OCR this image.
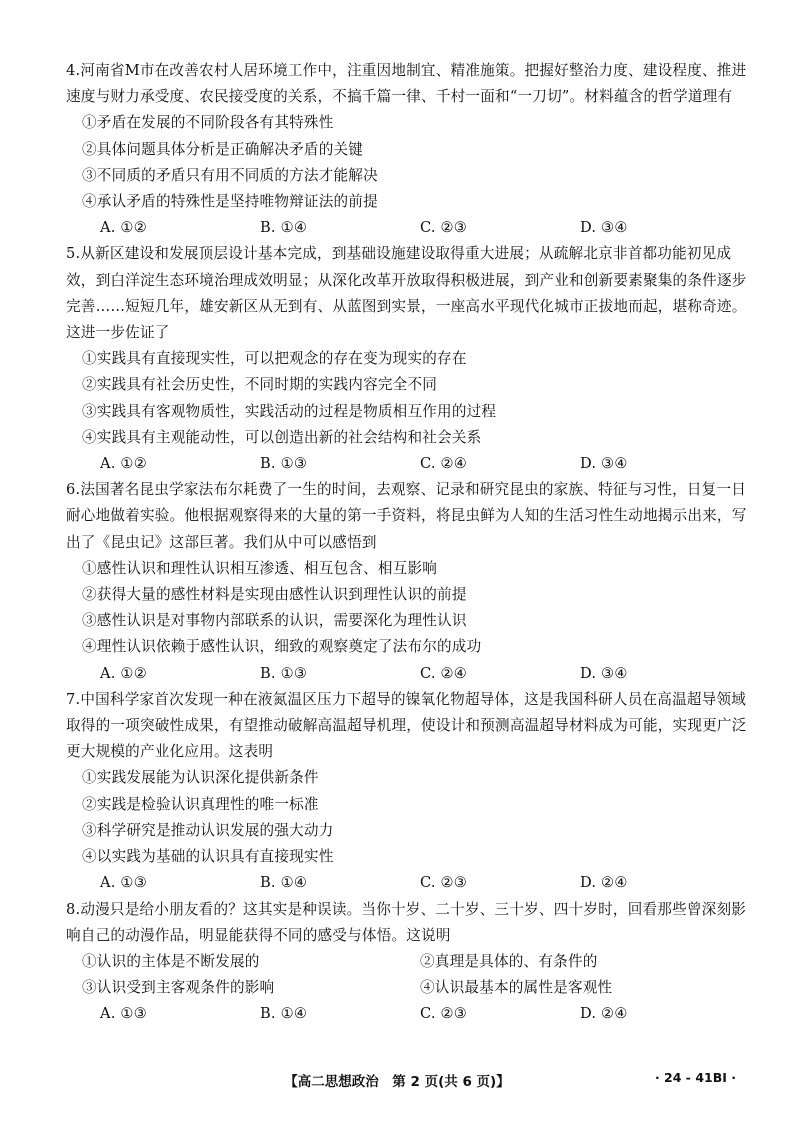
4.河南省M市在改善农村人居环境工作中，注重因地制宜、精准施策。把握好整治力度、建设程度、推进速度与财力承受度、农民接受度的关系，不搞千篇一律、千村一面和“一刀切”。材料蕴含的哲学道理有

①矛盾在发展的不同阶段各有其特殊性

②具体问题具体分析是正确解决矛盾的关键

③不同质的矛盾只有用不同质的方法才能解决

④承认矛盾的特殊性是坚持唯物辩证法的前提

A. ①②	B. ①④	C. ②③	D. ③④

5.从新区建设和发展顶层设计基本完成，到基础设施建设取得重大进展；从疏解北京非首都功能初见成效，到白洋淀生态环境治理成效明显；从深化改革开放取得积极进展，到产业和创新要素聚集的条件逐步完善……短短几年，雄安新区从无到有、从蓝图到实景，一座高水平现代化城市正拔地而起，堪称奇迹。这进一步佐证了

①实践具有直接现实性，可以把观念的存在变为现实的存在

②实践具有社会历史性，不同时期的实践内容完全不同

③实践具有客观物质性，实践活动的过程是物质相互作用的过程

④实践具有主观能动性，可以创造出新的社会结构和社会关系

A. ①②	B. ①③	C. ②④	D. ③④

6.法国著名昆虫学家法布尔耗费了一生的时间，去观察、记录和研究昆虫的家族、特征与习性，日复一日耐心地做着实验。他根据观察得来的大量的第一手资料，将昆虫鲜为人知的生活习性生动地揭示出来，写出了《昆虫记》这部巨著。我们从中可以感悟到

①感性认识和理性认识相互渗透、相互包含、相互影响

②获得大量的感性材料是实现由感性认识到理性认识的前提

③感性认识是对事物内部联系的认识，需要深化为理性认识

④理性认识依赖于感性认识，细致的观察奠定了法布尔的成功

A. ①②	B. ①③	C. ②④	D. ③④

7.中国科学家首次发现一种在液氮温区压力下超导的镍氧化物超导体，这是我国科研人员在高温超导领域取得的一项突破性成果，有望推动破解高温超导机理，使设计和预测高温超导材料成为可能，实现更广泛更大规模的产业化应用。这表明

①实践发展能为认识深化提供新条件

②实践是检验认识真理性的唯一标准

③科学研究是推动认识发展的强大动力

④以实践为基础的认识具有直接现实性

A. ①③	B. ①④	C. ②③	D. ②④

8.动漫只是给小朋友看的？这其实是种误读。当你十岁、二十岁、三十岁、四十岁时，回看那些曾深刻影响自己的动漫作品，明显能获得不同的感受与体悟。这说明

①认识的主体是不断发展的	②真理是具体的、有条件的
③认识受到主客观条件的影响	④认识最基本的属性是客观性
A. ①③	B. ①④	C. ②③	D. ②④
【高二思想政治　第 2 页(共 6 页)】	· 24 - 41BI ·
